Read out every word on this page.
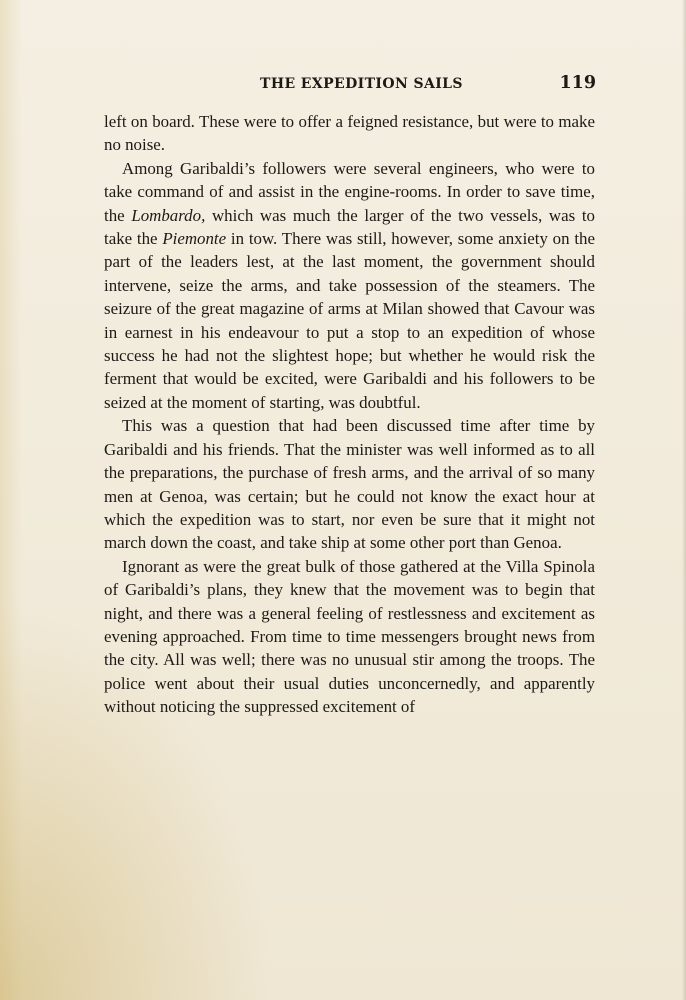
THE EXPEDITION SAILS	119

left on board. These were to offer a feigned resistance, but were to make no noise.

Among Garibaldi’s followers were several engineers, who were to take command of and assist in the engine-rooms. In order to save time, the Lombardo, which was much the larger of the two vessels, was to take the Piemonte in tow. There was still, however, some anxiety on the part of the leaders lest, at the last moment, the government should intervene, seize the arms, and take possession of the steamers. The seizure of the great magazine of arms at Milan showed that Cavour was in earnest in his endeavour to put a stop to an expedition of whose success he had not the slightest hope; but whether he would risk the ferment that would be excited, were Garibaldi and his followers to be seized at the moment of starting, was doubtful.

This was a question that had been discussed time after time by Garibaldi and his friends. That the minister was well informed as to all the preparations, the purchase of fresh arms, and the arrival of so many men at Genoa, was certain; but he could not know the exact hour at which the expedition was to start, nor even be sure that it might not march down the coast, and take ship at some other port than Genoa.

Ignorant as were the great bulk of those gathered at the Villa Spinola of Garibaldi’s plans, they knew that the movement was to begin that night, and there was a general feeling of restlessness and excitement as evening approached. From time to time messengers brought news from the city. All was well; there was no unusual stir among the troops. The police went about their usual duties unconcernedly, and apparently without noticing the suppressed excitement of
